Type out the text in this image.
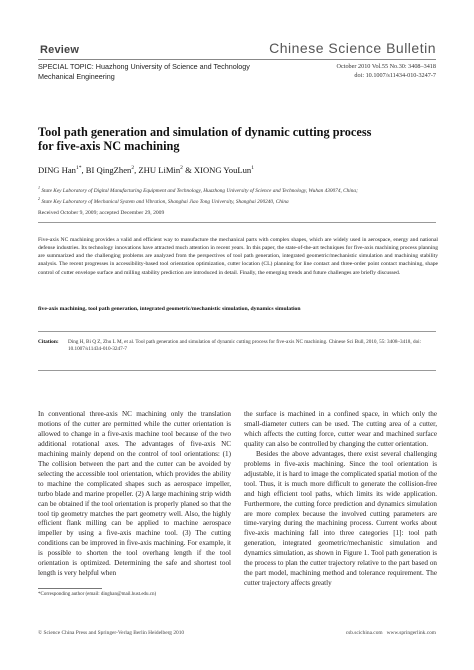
Review	Chinese Science Bulletin
SPECIAL TOPIC: Huazhong University of Science and Technology
Mechanical Engineering
October 2010 Vol.55 No.30: 3408–3418
doi: 10.1007/s11434-010-3247-7
Tool path generation and simulation of dynamic cutting process
for five-axis NC machining
DING Han$^{1*}$, BI QingZhen$^2$, ZHU LiMin$^2$ & XIONG YouLun$^1$
$^1$ State Key Laboratory of Digital Manufacturing Equipment and Technology, Huazhong University of Science and Technology, Wuhan 430074, China;
$^2$ State Key Laboratory of Mechanical System and Vibration, Shanghai Jiao Tong University, Shanghai 200240, China
Received October 9, 2009; accepted December 29, 2009
Five-axis NC machining provides a valid and efficient way to manufacture the mechanical parts with complex shapes, which are widely used in aerospace, energy and national defense industries. Its technology innovations have attracted much attention in recent years. In this paper, the state-of-the-art techniques for five-axis machining process planning are summarized and the challenging problems are analyzed from the perspectives of tool path generation, integrated geometric/mechanistic simulation and machining stability analysis. The recent progresses in accessibility-based tool orientation optimization, cutter location (CL) planning for line contact and three-order point contact machining, shape control of cutter envelope surface and milling stability prediction are introduced in detail. Finally, the emerging trends and future challenges are briefly discussed.
five-axis machining, tool path generation, integrated geometric/mechanistic simulation, dynamics simulation
Citation: Ding H, Bi Q Z, Zhu L M, et al. Tool path generation and simulation of dynamic cutting process for five-axis NC machining. Chinese Sci Bull, 2010, 55: 3408–3418, doi: 10.1007/s11434-010-3247-7

In conventional three-axis NC machining only the translation motions of the cutter are permitted while the cutter orientation is allowed to change in a five-axis machine tool because of the two additional rotational axes. The advantages of five-axis NC machining mainly depend on the control of tool orientations: (1) The collision between the part and the cutter can be avoided by selecting the accessible tool orientation, which provides the ability to machine the complicated shapes such as aerospace impeller, turbo blade and marine propeller. (2) A large machining strip width can be obtained if the tool orientation is properly planed so that the tool tip geometry matches the part geometry well. Also, the highly efficient flank milling can be applied to machine aerospace impeller by using a five-axis machine tool. (3) The cutting conditions can be improved in five-axis machining. For example, it is possible to shorten the tool overhang length if the tool orientation is optimized. Determining the safe and shortest tool length is very helpful when

the surface is machined in a confined space, in which only the small-diameter cutters can be used. The cutting area of a cutter, which affects the cutting force, cutter wear and machined surface quality can also be controlled by changing the cutter orientation.

Besides the above advantages, there exist several challenging problems in five-axis machining. Since the tool orientation is adjustable, it is hard to image the complicated spatial motion of the tool. Thus, it is much more difficult to generate the collision-free and high efficient tool paths, which limits its wide application. Furthermore, the cutting force prediction and dynamics simulation are more complex because the involved cutting parameters are time-varying during the machining process. Current works about five-axis machining fall into three categories [1]: tool path generation, integrated geometric/mechanistic simulation and dynamics simulation, as shown in Figure 1. Tool path generation is the process to plan the cutter trajectory relative to the part based on the part model, machining method and tolerance requirement. The cutter trajectory affects greatly

*Corresponding author (email: dinghan@mail.hust.edu.cn)
© Science China Press and Springer-Verlag Berlin Heidelberg 2010	csb.scichina.com   www.springerlink.com
